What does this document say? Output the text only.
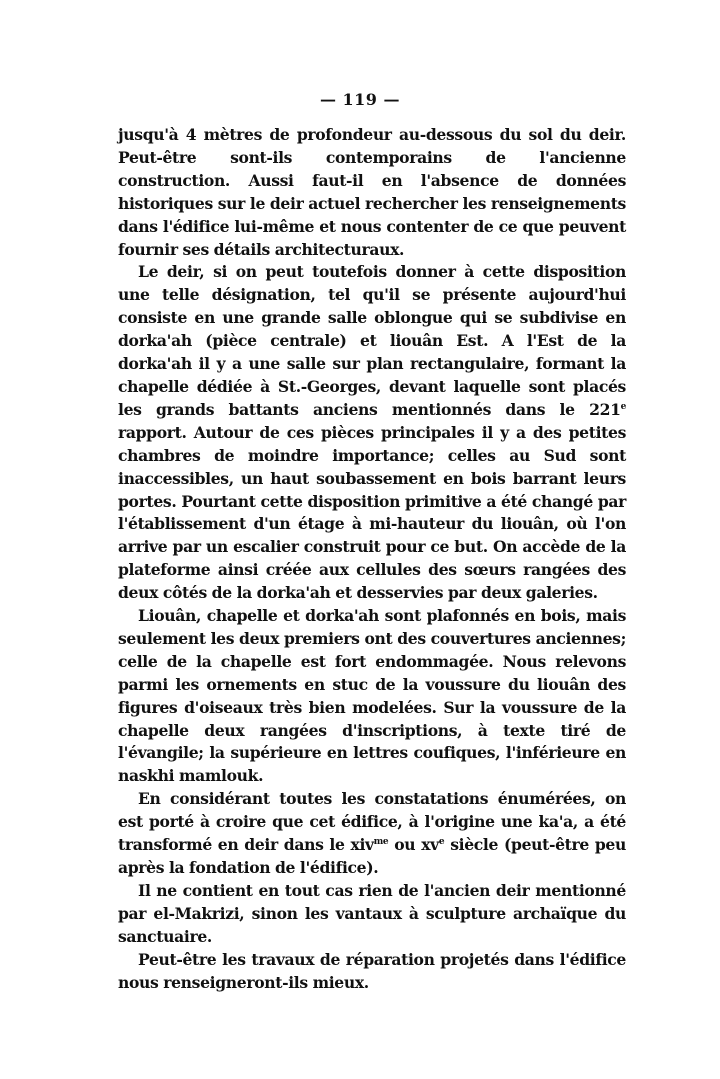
— 119 —

jusqu'à 4 mètres de profondeur au-dessous du sol du deir. Peut-être sont-ils contemporains de l'ancienne construction. Aussi faut-il en l'absence de données historiques sur le deir actuel rechercher les renseignements dans l'édifice lui-même et nous contenter de ce que peuvent fournir ses détails architecturaux.

Le deir, si on peut toutefois donner à cette disposition une telle désignation, tel qu'il se présente aujourd'hui consiste en une grande salle oblongue qui se subdivise en dorka'ah (pièce centrale) et liouân Est. A l'Est de la dorka'ah il y a une salle sur plan rectangulaire, formant la chapelle dédiée à St.-Georges, devant laquelle sont placés les grands battants anciens mentionnés dans le 221e rapport. Autour de ces pièces principales il y a des petites chambres de moindre importance; celles au Sud sont inaccessibles, un haut soubassement en bois barrant leurs portes. Pourtant cette disposition primitive a été changé par l'établissement d'un étage à mi-hauteur du liouân, où l'on arrive par un escalier construit pour ce but. On accède de la plateforme ainsi créée aux cellules des sœurs rangées des deux côtés de la dorka'ah et desservies par deux galeries.

Liouân, chapelle et dorka'ah sont plafonnés en bois, mais seulement les deux premiers ont des couvertures anciennes; celle de la chapelle est fort endommagée. Nous relevons parmi les ornements en stuc de la voussure du liouân des figures d'oiseaux très bien modelées. Sur la voussure de la chapelle deux rangées d'inscriptions, à texte tiré de l'évangile; la supérieure en lettres coufiques, l'inférieure en naskhi mamlouk.

En considérant toutes les constatations énumérées, on est porté à croire que cet édifice, à l'origine une ka'a, a été transformé en deir dans le xiv$^{me}$ ou $xv^e$ siècle (peut-être peu après la fondation de l'édifice).

Il ne contient en tout cas rien de l'ancien deir mentionné par el-Makrizi, sinon les vantaux à sculpture archaïque du sanctuaire.

Peut-être les travaux de réparation projetés dans l'édifice nous renseigneront-ils mieux.
